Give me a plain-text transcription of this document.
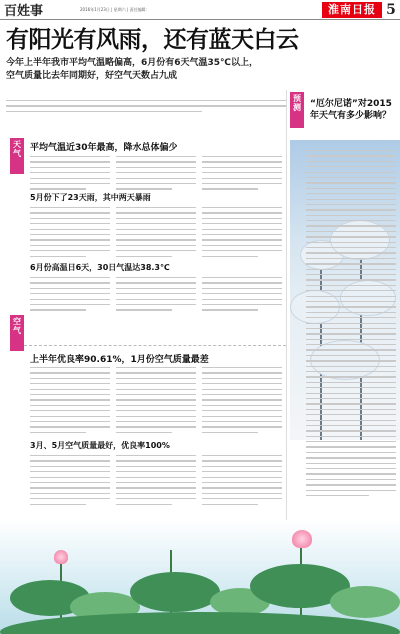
百姓事	2016年1月23日 | 星期六 | 责任编辑：	淮南日报 5
有阳光有风雨，还有蓝天白云
今年上半年我市平均气温略偏高，6月份有6天气温35℃以上，空气质量比去年同期好，好空气天数占九成
天气
空气
预测
平均气温近30年最高，降水总体偏少
5月份下了23天雨，其中两天暴雨
6月份高温日6天，30日气温达38.3℃
上半年优良率90.61%，1月份空气质量最差
3月、5月空气质量最好，优良率100%
“厄尔尼诺”对2015年天气有多少影响？
